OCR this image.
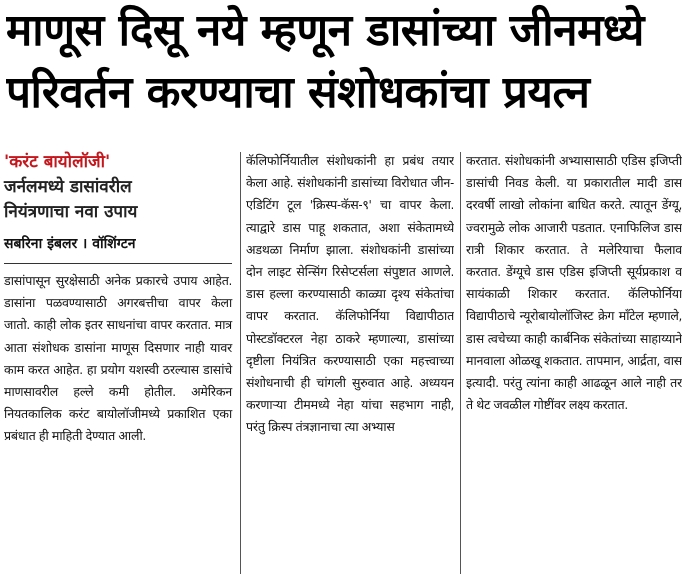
माणूस दिसू नये म्हणून डासांच्या जीनमध्ये
परिवर्तन करण्याचा संशोधकांचा प्रयत्न

'करंट बायोलॉजी'
जर्नलमध्ये डासांवरील
नियंत्रणाचा नवा उपाय

सबरिना इंबलर । वॉशिंग्टन

डासांपासून सुरक्षेसाठी अनेक प्रकारचे उपाय आहेत. डासांना पळवण्यासाठी अगरबत्तीचा वापर केला जातो. काही लोक इतर साधनांचा वापर करतात. मात्र आता संशोधक डासांना माणूस दिसणार नाही यावर काम करत आहेत. हा प्रयोग यशस्वी ठरल्यास डासांचे माणसावरील हल्ले कमी होतील. अमेरिकन नियतकालिक करंट बायोलॉजीमध्ये प्रकाशित एका प्रबंधात ही माहिती देण्यात आली.

कॅलिफोर्नियातील संशोधकांनी हा प्रबंध तयार केला आहे. संशोधकांनी डासांच्या विरोधात जीन-एडिटिंग टूल 'क्रिस्प-कॅस-९' चा वापर केला. त्याद्वारे डास पाहू शकतात, अशा संकेतामध्ये अडथळा निर्माण झाला. संशोधकांनी डासांच्या दोन लाइट सेन्सिंग रिसेप्टर्सला संपुष्टात आणले. डास हल्ला करण्यासाठी काळ्या दृश्य संकेतांचा वापर करतात. कॅलिफोर्निया विद्यापीठात पोस्टडॉक्टरल नेहा ठाकरे म्हणाल्या, डासांच्या दृष्टीला नियंत्रित करण्यासाठी एका महत्त्वाच्या संशोधनाची ही चांगली सुरुवात आहे. अध्ययन करणाऱ्या टीममध्ये नेहा यांचा सहभाग नाही, परंतु क्रिस्प तंत्रज्ञानाचा त्या अभ्यास

करतात. संशोधकांनी अभ्यासासाठी एडिस इजिप्ती डासांची निवड केली. या प्रकारातील मादी डास दरवर्षी लाखो लोकांना बाधित करते. त्यातून डेंग्यू, ज्वरामुळे लोक आजारी पडतात. एनाफिलिज डास रात्री शिकार करतात. ते मलेरियाचा फैलाव करतात. डेंग्यूचे डास एडिस इजिप्ती सूर्यप्रकाश व सायंकाळी शिकार करतात. कॅलिफोर्निया विद्यापीठाचे न्यूरोबायोलॉजिस्ट क्रेग मॉंटेल म्हणाले, डास त्वचेच्या काही कार्बनिक संकेतांच्या साहाय्याने मानवाला ओळखू शकतात. तापमान, आर्द्रता, वास इत्यादी. परंतु त्यांना काही आढळून आले नाही तर ते थेट जवळील गोष्टींवर लक्ष्य करतात.
